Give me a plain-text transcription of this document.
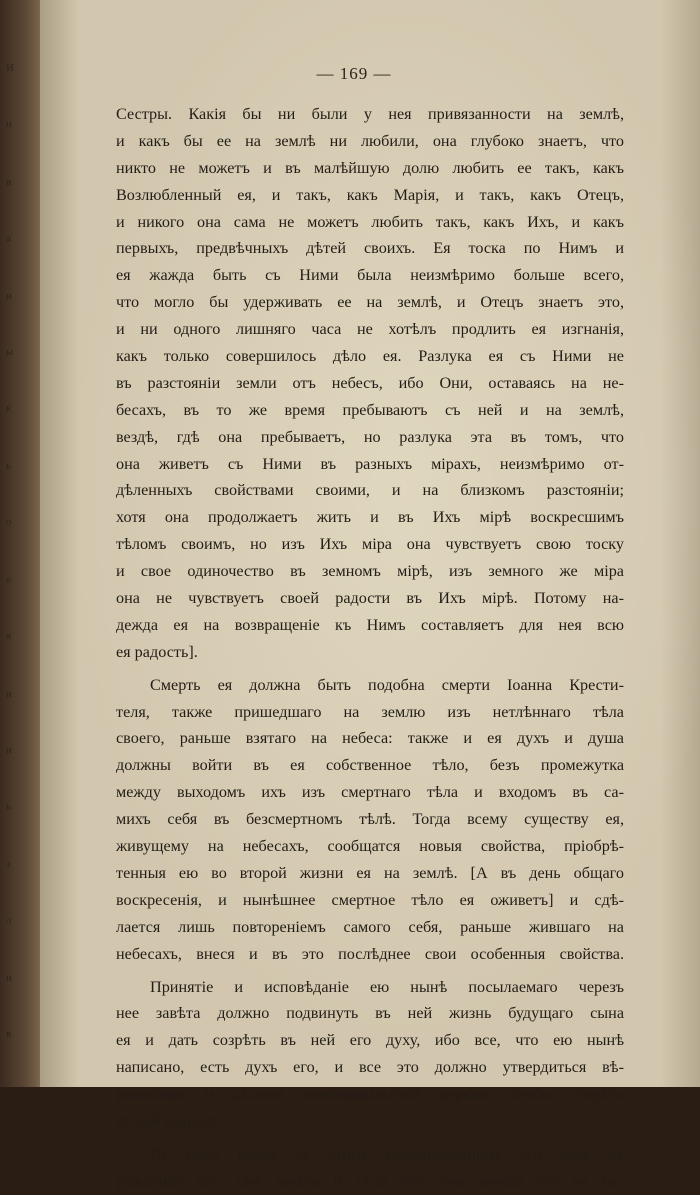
И
н
в
а
и
ы
к
ь
о
е
я
и
н
ь
з
л
и
в
— 169 —
Сестры. Какія бы ни были у нея привязанности на землѣ,
и какъ бы ее на землѣ ни любили, она глубоко знаетъ, что
никто не можетъ и въ малѣйшую долю любить ее такъ, какъ
Возлюбленный ея, и такъ, какъ Марія, и такъ, какъ Отецъ,
и никого она сама не можетъ любить такъ, какъ Ихъ, и какъ
первыхъ, предвѣчныхъ дѣтей своихъ. Ея тоска по Нимъ и
ея жажда быть съ Ними была неизмѣримо больше всего,
что могло бы удерживать ее на землѣ, и Отецъ знаетъ это,
и ни одного лишняго часа не хотѣлъ продлить ея изгнанія,
какъ только совершилось дѣло ея. Разлука ея съ Ними не
въ разстояніи земли отъ небесъ, ибо Они, оставаясь на не-
бесахъ, въ то же время пребываютъ съ ней и на землѣ,
вездѣ, гдѣ она пребываетъ, но разлука эта въ томъ, что
она живетъ съ Ними въ разныхъ мірахъ, неизмѣримо от-
дѣленныхъ свойствами своими, и на близкомъ разстояніи;
хотя она продолжаетъ жить и въ Ихъ мірѣ воскресшимъ
тѣломъ своимъ, но изъ Ихъ міра она чувствуетъ свою тоску
и свое одиночество въ земномъ мірѣ, изъ земного же міра
она не чувствуетъ своей радости въ Ихъ мірѣ. Потому на-
дежда ея на возвращеніе къ Нимъ составляетъ для нея всю
ея радость].
Смерть ея должна быть подобна смерти Іоанна Крести-
теля, также пришедшаго на землю изъ нетлѣннаго тѣла
своего, раньше взятаго на небеса: также и ея духъ и душа
должны войти въ ея собственное тѣло, безъ промежутка
между выходомъ ихъ изъ смертнаго тѣла и входомъ въ са-
михъ себя въ безсмертномъ тѣлѣ. Тогда всему существу ея,
живущему на небесахъ, сообщатся новыя свойства, пріобрѣ-
тенныя ею во второй жизни ея на землѣ. [А въ день общаго
воскресенія, и нынѣшнее смертное тѣло ея оживетъ] и сдѣ-
лается лишь повтореніемъ самого себя, раньше жившаго на
небесахъ, внеся и въ это послѣднее свои особенныя свойства.
Принятіе и исповѣданіе ею нынѣ посылаемаго черезъ
нее завѣта должно подвинуть въ ней жизнь будущаго сына
ея и дать созрѣть въ ней его духу, ибо все, что ею нынѣ
написано, есть духъ его, и все это должно утвердиться вѣ-
рованіями и дѣлами новоизраильской церкви, чтобы созрѣть
въ ней сынъ ея.
Въ одно время съ этимъ подготовленіемъ его духа къ
рожденію его, она зачала и тѣло его; она зачала его на не-
